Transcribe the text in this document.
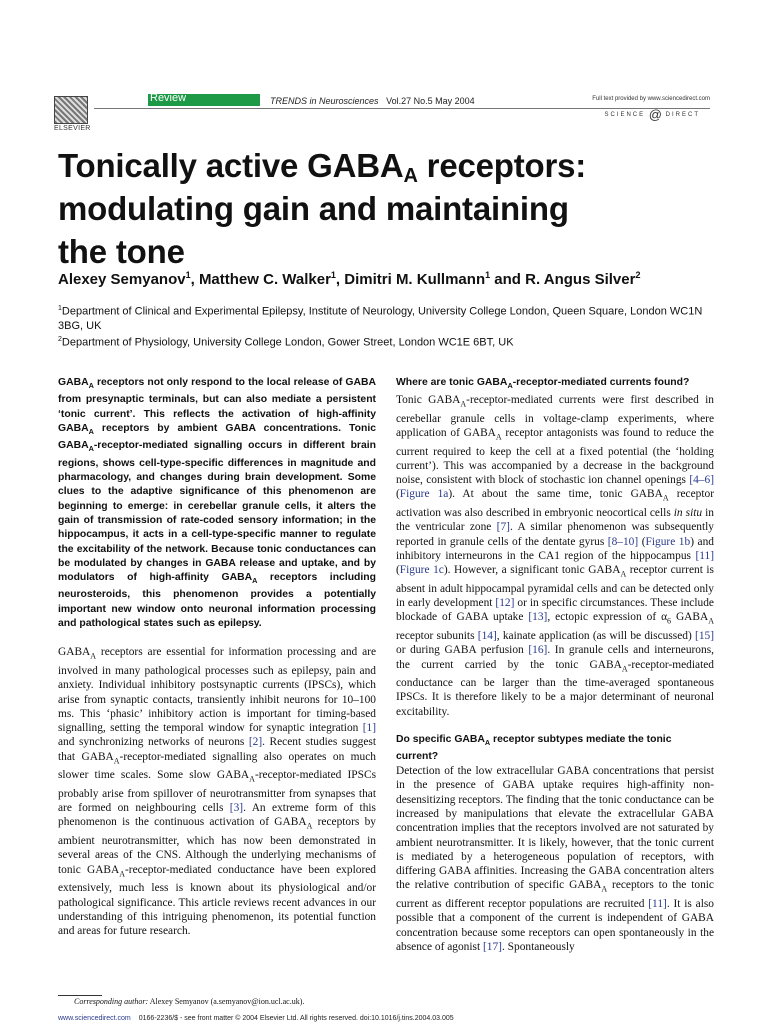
ELSEVIER
Review	TRENDS in Neurosciences Vol.27 No.5 May 2004	Full text provided by www.sciencedirect.com
SCIENCE @ DIRECT
Tonically active $GABA_A$ receptors:
modulating gain and maintaining
the tone

Alexey Semyanov$^1$, Matthew C. Walker$^1$, Dimitri M. Kullmann$^1$ and R. Angus Silver$^2$

$^1$Department of Clinical and Experimental Epilepsy, Institute of Neurology, University College London, Queen Square, London WC1N 3BG, UK
$^2$Department of Physiology, University College London, Gower Street, London WC1E 6BT, UK

$GABA_A$ receptors not only respond to the local release of GABA from presynaptic terminals, but can also mediate a persistent ‘tonic current’. This reflects the activation of high-affinity $GABA_A$ receptors by ambient GABA concentrations. Tonic $GABA_A-receptor$-mediated signalling occurs in different brain regions, shows cell-type-specific differences in magnitude and pharmacology, and changes during brain development. Some clues to the adaptive significance of this phenomenon are beginning to emerge: in cerebellar granule cells, it alters the gain of transmission of rate-coded sensory information; in the hippocampus, it acts in a cell-type-specific manner to regulate the excitability of the network. Because tonic conductances can be modulated by changes in GABA release and uptake, and by modulators of high-affinity $GABA_A$ receptors including neurosteroids, this phenomenon provides a potentially important new window onto neuronal information processing and pathological states such as epilepsy.

$GABA_A$ receptors are essential for information processing and are involved in many pathological processes such as epilepsy, pain and anxiety. Individual inhibitory postsynaptic currents (IPSCs), which arise from synaptic contacts, transiently inhibit neurons for 10–100 ms. This ‘phasic’ inhibitory action is important for timing-based signalling, setting the temporal window for synaptic integration [1] and synchronizing networks of neurons [2]. Recent studies suggest that $GABA_A-receptor$-mediated signalling also operates on much slower time scales. Some slow $GABA_A-receptor$-mediated IPSCs probably arise from spillover of neurotransmitter from synapses that are formed on neighbouring cells [3]. An extreme form of this phenomenon is the continuous activation of $GABA_A$ receptors by ambient neurotransmitter, which has now been demonstrated in several areas of the CNS. Although the underlying mechanisms of tonic $GABA_A-receptor$-mediated conductance have been explored extensively, much less is known about its physiological and/or pathological significance. This article reviews recent advances in our understanding of this intriguing phenomenon, its potential function and areas for future research.

Where are tonic $GABA_A-receptor$-mediated currents found?

Tonic $GABA_A-receptor$-mediated currents were first described in cerebellar granule cells in voltage-clamp experiments, where application of $GABA_A$ receptor antagonists was found to reduce the current required to keep the cell at a fixed potential (the ‘holding current’). This was accompanied by a decrease in the background noise, consistent with block of stochastic ion channel openings [4–6] (Figure 1a). At about the same time, tonic $GABA_A$ receptor activation was also described in embryonic neocortical cells in situ in the ventricular zone [7]. A similar phenomenon was subsequently reported in granule cells of the dentate gyrus [8–10] (Figure 1b) and inhibitory interneurons in the CA1 region of the hippocampus [11] (Figure 1c). However, a significant tonic $GABA_A$ receptor current is absent in adult hippocampal pyramidal cells and can be detected only in early development [12] or in specific circumstances. These include blockade of GABA uptake [13], ectopic expression of $\alpha_6$ $GABA_A$ receptor subunits [14], kainate application (as will be discussed) [15] or during GABA perfusion [16]. In granule cells and interneurons, the current carried by the tonic $GABA_A-receptor$-mediated conductance can be larger than the time-averaged spontaneous IPSCs. It is therefore likely to be a major determinant of neuronal excitability.

Do specific $GABA_A$ receptor subtypes mediate the tonic current?

Detection of the low extracellular GABA concentrations that persist in the presence of GABA uptake requires high-affinity non-desensitizing receptors. The finding that the tonic conductance can be increased by manipulations that elevate the extracellular GABA concentration implies that the receptors involved are not saturated by ambient neurotransmitter. It is likely, however, that the tonic current is mediated by a heterogeneous population of receptors, with differing GABA affinities. Increasing the GABA concentration alters the relative contribution of specific $GABA_A$ receptors to the tonic current as different receptor populations are recruited [11]. It is also possible that a component of the current is independent of GABA concentration because some receptors can open spontaneously in the absence of agonist [17]. Spontaneously

Corresponding author: Alexey Semyanov (a.semyanov@ion.ucl.ac.uk).
www.sciencedirect.com 0166-2236/$ - see front matter © 2004 Elsevier Ltd. All rights reserved. doi:10.1016/j.tins.2004.03.005
